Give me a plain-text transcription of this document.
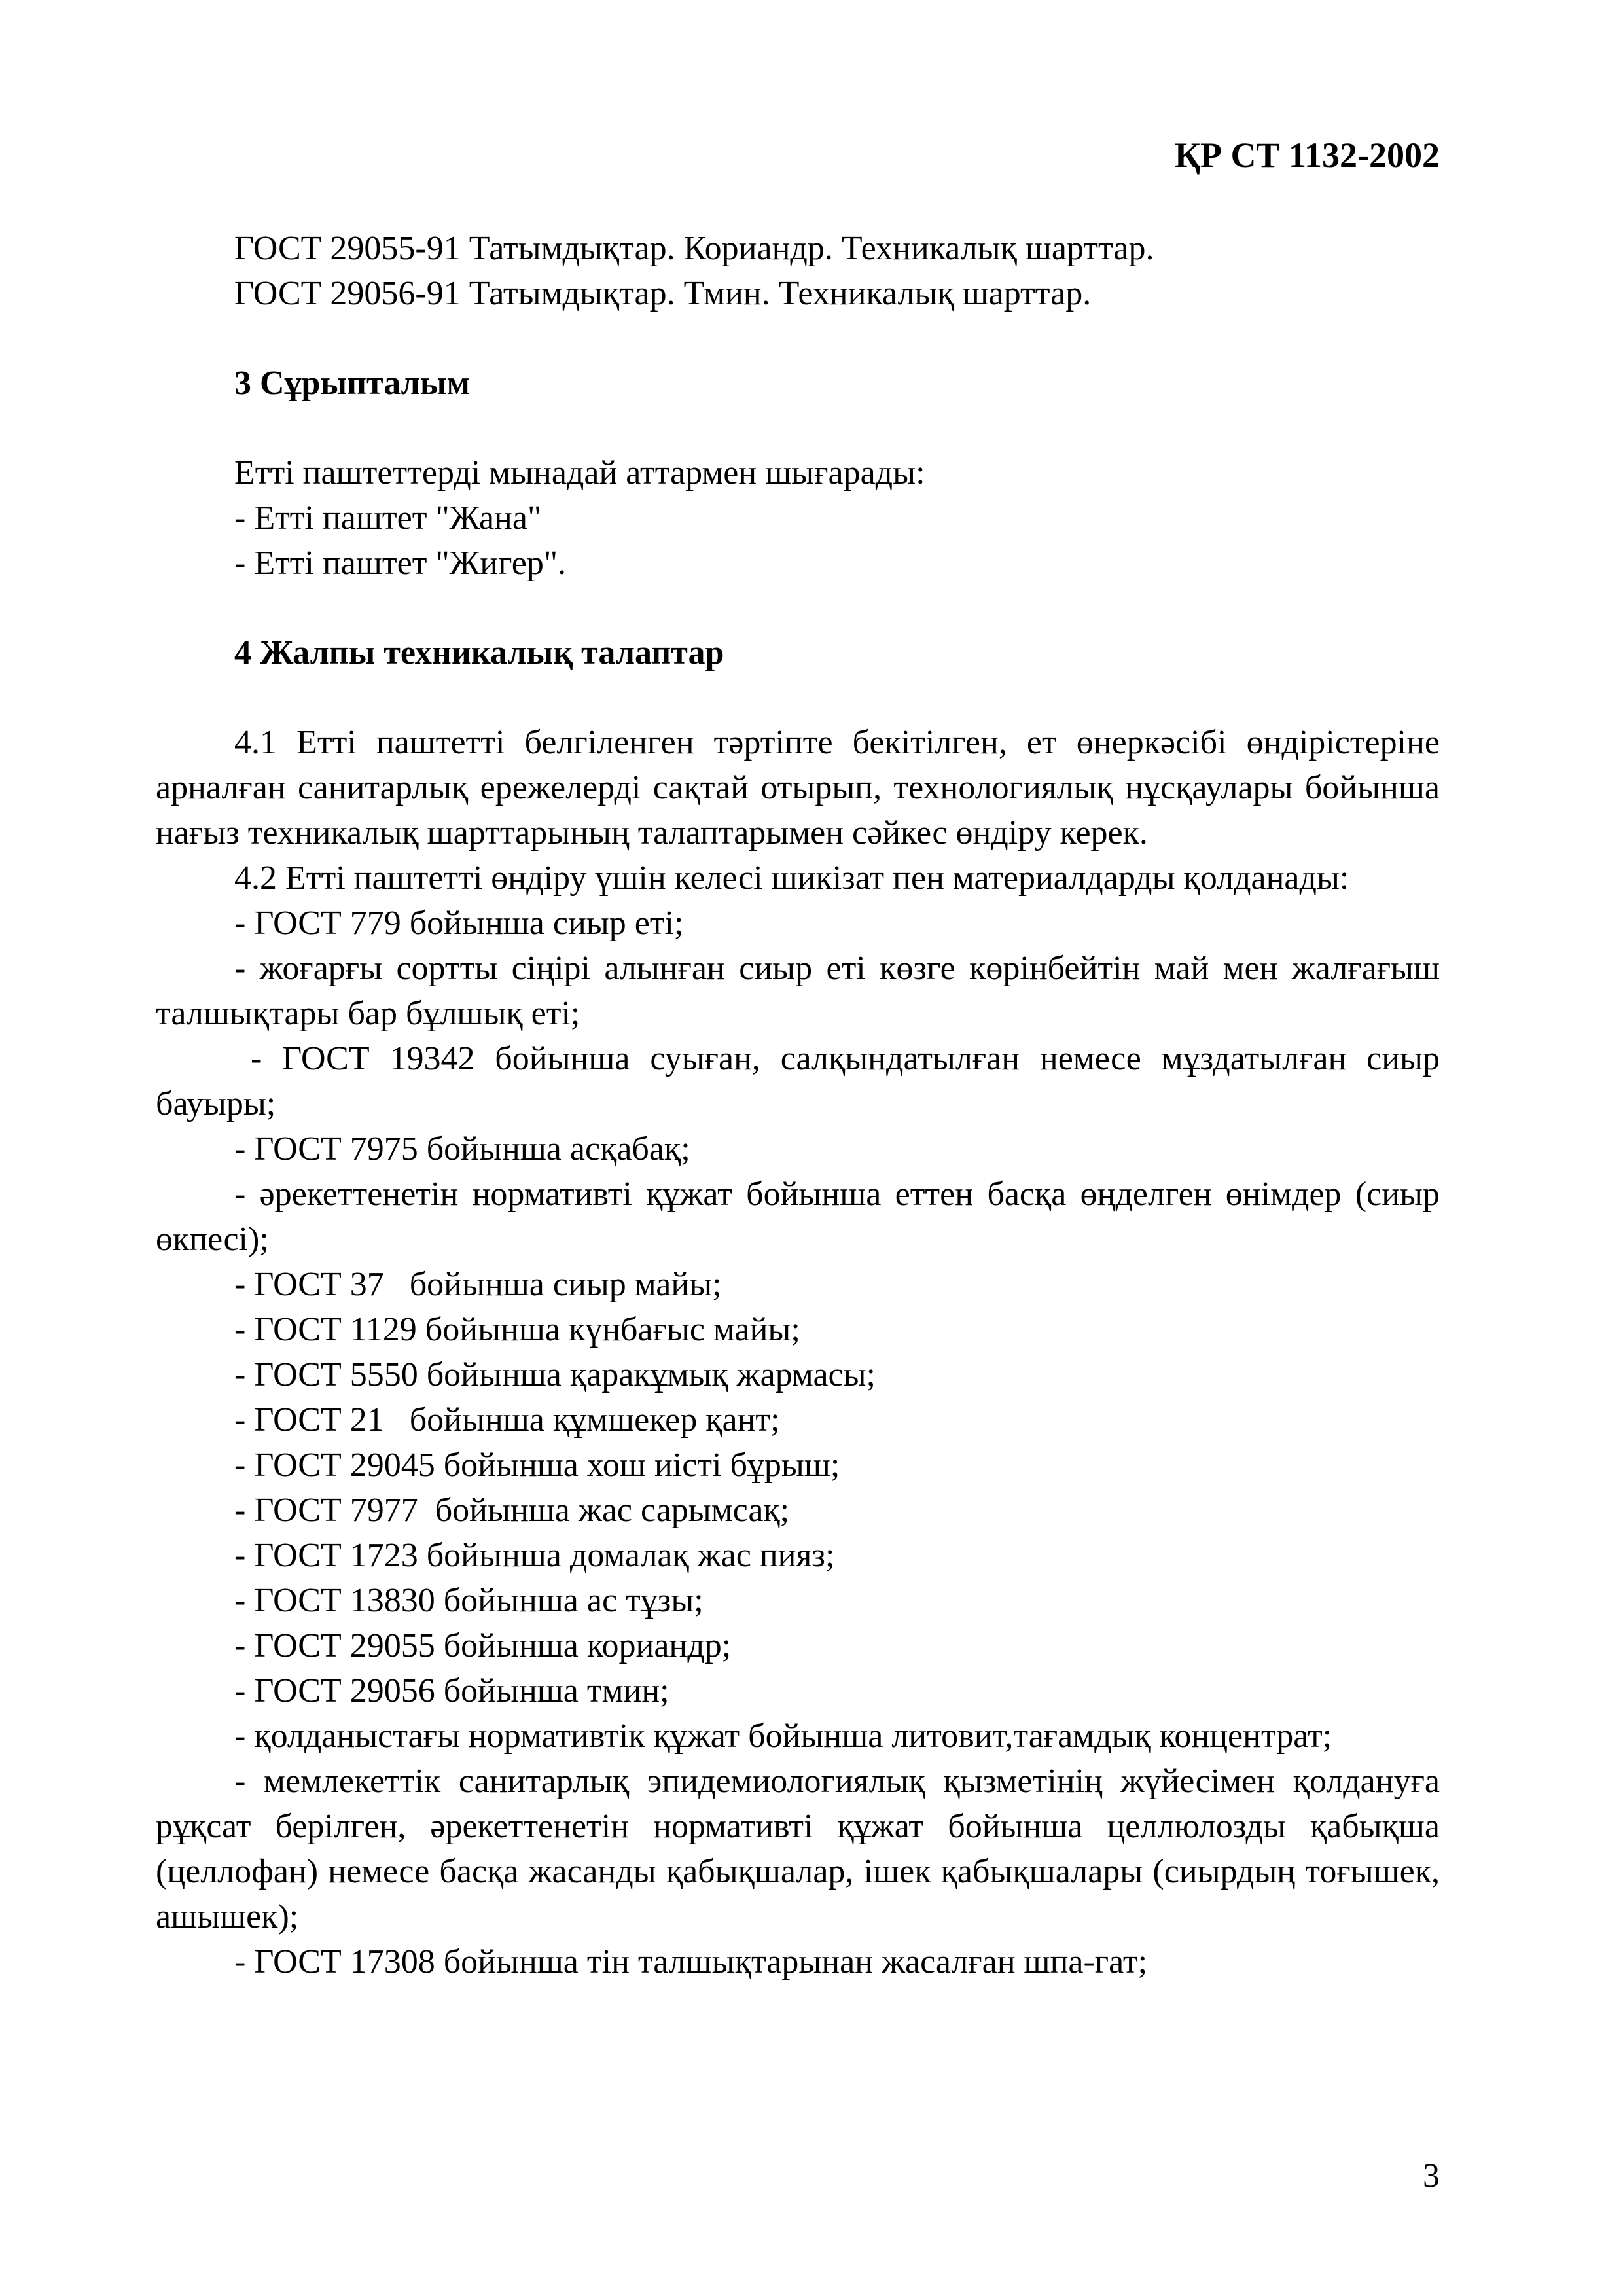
ҚР СТ 1132-2002

ГОСТ 29055-91 Татымдықтар. Кориандр. Техникалық шарттар.

ГОСТ 29056-91 Татымдықтар. Тмин. Техникалық шарттар.

3 Сұрыпталым

Етті паштеттерді мынадай аттармен шығарады:

- Етті паштет "Жана"

- Етті паштет "Жигер".

4 Жалпы техникалық талаптар

4.1 Етті паштетті белгіленген тәртіпте бекітілген, ет өнеркәсібі өндірістеріне арналған санитарлық ережелерді сақтай отырып, технологиялық нұсқаулары бойынша нағыз техникалық шарттарының талаптарымен сәйкес өндіру керек.

4.2 Етті паштетті өндіру үшін келесі шикізат пен материалдарды қолданады:

- ГОСТ 779 бойынша сиыр еті;

- жоғарғы сортты сіңірі алынған сиыр еті көзге көрінбейтін май мен жалғағыш талшықтары бар бұлшық еті;

- ГОСТ 19342 бойынша суыған, салқындатылған немесе мұздатылған сиыр бауыры;

- ГОСТ 7975 бойынша асқабақ;

- әрекеттенетін нормативті құжат бойынша еттен басқа өңделген өнімдер (сиыр өкпесі);

- ГОСТ 37   бойынша сиыр майы;

- ГОСТ 1129 бойынша күнбағыс майы;

- ГОСТ 5550 бойынша қаракұмық жармасы;

- ГОСТ 21   бойынша құмшекер қант;

- ГОСТ 29045 бойынша хош иісті бұрыш;

- ГОСТ 7977  бойынша жас сарымсақ;

- ГОСТ 1723 бойынша домалақ жас пияз;

- ГОСТ 13830 бойынша ас тұзы;

- ГОСТ 29055 бойынша кориандр;

- ГОСТ 29056 бойынша тмин;

- қолданыстағы нормативтік құжат бойынша литовит,тағамдық концентрат;

- мемлекеттік санитарлық эпидемиологиялық қызметінің жүйесімен қолдануға рұқсат берілген, әрекеттенетін нормативті құжат бойынша целлюлозды қабықша (целлофан) немесе басқа жасанды қабықшалар, ішек қабықшалары (сиырдың тоғышек, ашышек);

- ГОСТ 17308 бойынша тін талшықтарынан жасалған шпа-гат;

3
